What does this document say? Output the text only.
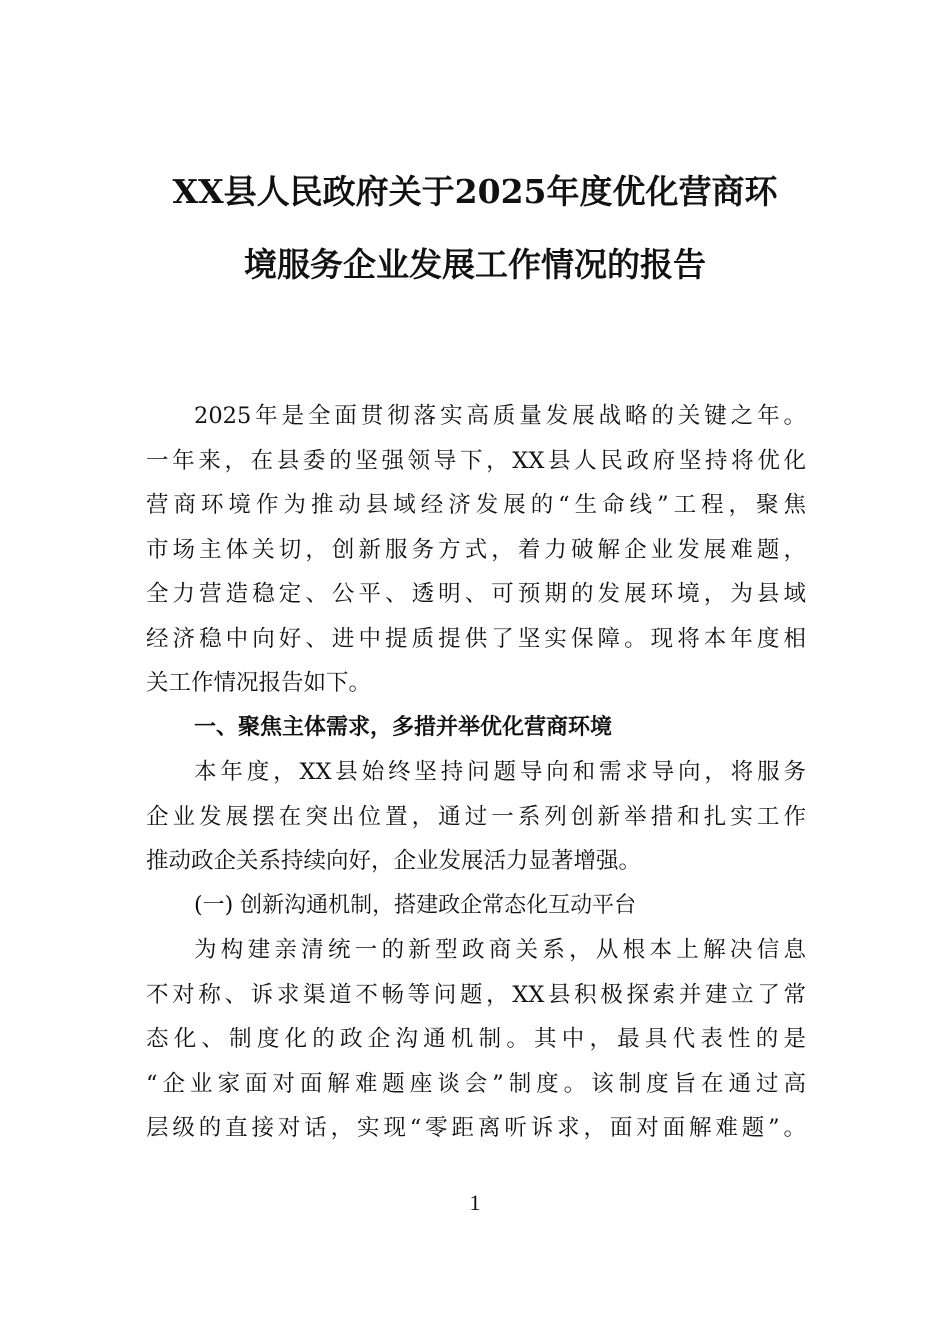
XX县人民政府关于2025年度优化营商环
境服务企业发展工作情况的报告
2025年是全面贯彻落实高质量发展战略的关键之年。
一年来，在县委的坚强领导下，XX县人民政府坚持将优化
营商环境作为推动县域经济发展的“生命线”工程，聚焦
市场主体关切，创新服务方式，着力破解企业发展难题，
全力营造稳定、公平、透明、可预期的发展环境，为县域
经济稳中向好、进中提质提供了坚实保障。现将本年度相
关工作情况报告如下。
一、聚焦主体需求，多措并举优化营商环境
本年度，XX县始终坚持问题导向和需求导向，将服务
企业发展摆在突出位置，通过一系列创新举措和扎实工作
推动政企关系持续向好，企业发展活力显著增强。
(一) 创新沟通机制，搭建政企常态化互动平台
为构建亲清统一的新型政商关系，从根本上解决信息
不对称、诉求渠道不畅等问题，XX县积极探索并建立了常
态化、制度化的政企沟通机制。其中，最具代表性的是
“企业家面对面解难题座谈会”制度。该制度旨在通过高
层级的直接对话，实现“零距离听诉求，面对面解难题”。
1
